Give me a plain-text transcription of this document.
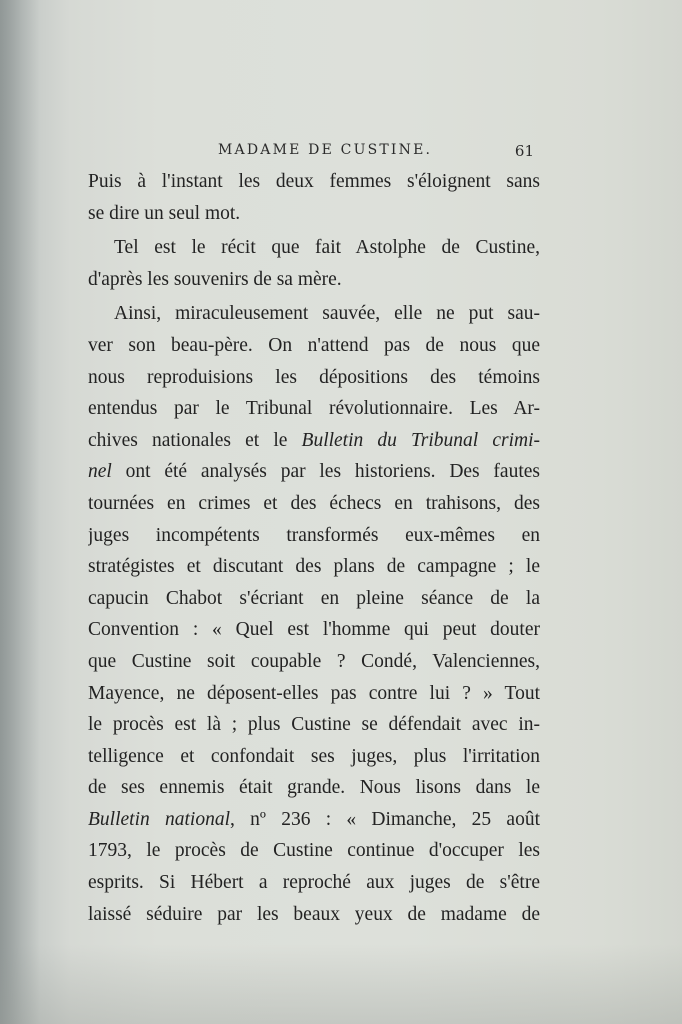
MADAME DE CUSTINE.	61
Puis à l'instant les deux femmes s'éloignent sans
se dire un seul mot.
Tel est le récit que fait Astolphe de Custine,
d'après les souvenirs de sa mère.
Ainsi, miraculeusement sauvée, elle ne put sau-
ver son beau-père. On n'attend pas de nous que
nous reproduisions les dépositions des témoins
entendus par le Tribunal révolutionnaire. Les Ar-
chives nationales et le Bulletin du Tribunal crimi-
nel ont été analysés par les historiens. Des fautes
tournées en crimes et des échecs en trahisons, des
juges incompétents transformés eux-mêmes en
stratégistes et discutant des plans de campagne ; le
capucin Chabot s'écriant en pleine séance de la
Convention : « Quel est l'homme qui peut douter
que Custine soit coupable ? Condé, Valenciennes,
Mayence, ne déposent-elles pas contre lui ? » Tout
le procès est là ; plus Custine se défendait avec in-
telligence et confondait ses juges, plus l'irritation
de ses ennemis était grande. Nous lisons dans le
Bulletin national, nº 236 : « Dimanche, 25 août
1793, le procès de Custine continue d'occuper les
esprits. Si Hébert a reproché aux juges de s'être
laissé séduire par les beaux yeux de madame de
